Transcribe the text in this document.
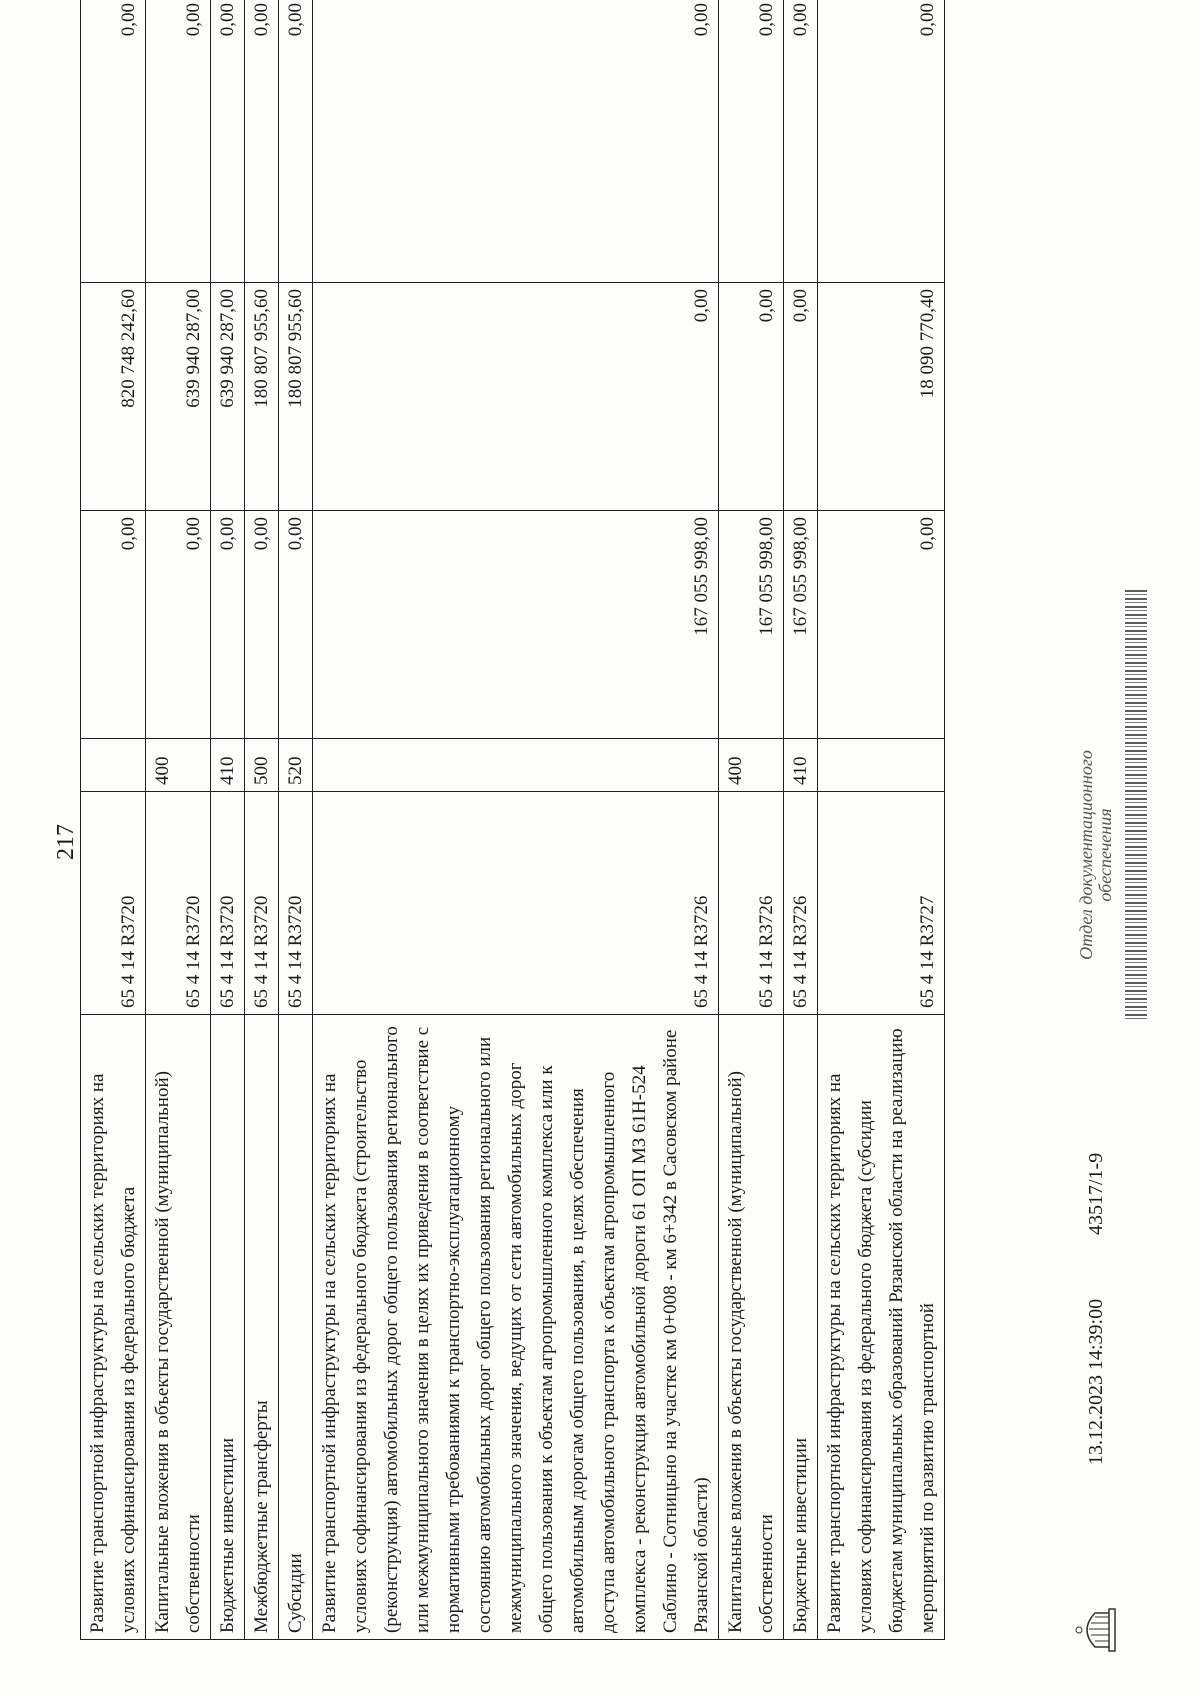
217
Развитие транспортной инфраструктуры на сельских территориях на условиях софинансирования из федерального бюджета	65 4 14 R3720		0,00	820 748 242,60	0,00
Капитальные вложения в объекты государственной (муниципальной) собственности	65 4 14 R3720	400	0,00	639 940 287,00	0,00
Бюджетные инвестиции	65 4 14 R3720	410	0,00	639 940 287,00	0,00
Межбюджетные трансферты	65 4 14 R3720	500	0,00	180 807 955,60	0,00
Субсидии	65 4 14 R3720	520	0,00	180 807 955,60	0,00
Развитие транспортной инфраструктуры на сельских территориях на условиях софинансирования из федерального бюджета (строительство (реконструкция) автомобильных дорог общего пользования регионального или межмуниципального значения в целях их приведения в соответствие с нормативными требованиями к транспортно-эксплуатационному состоянию автомобильных дорог общего пользования регионального или межмуниципального значения, ведущих от сети автомобильных дорог общего пользования к объектам агропромышленного комплекса или к автомобильным дорогам общего пользования, в целях обеспечения доступа автомобильного транспорта к объектам агропромышленного комплекса - реконструкция автомобильной дороги 61 ОП МЗ 61Н-524 Саблино - Сотницыно на участке км 0+008 - км 6+342 в Сасовском районе Рязанской области)	65 4 14 R3726		167 055 998,00	0,00	0,00
Капитальные вложения в объекты государственной (муниципальной) собственности	65 4 14 R3726	400	167 055 998,00	0,00	0,00
Бюджетные инвестиции	65 4 14 R3726	410	167 055 998,00	0,00	0,00
Развитие транспортной инфраструктуры на сельских территориях на условиях софинансирования из федерального бюджета (субсидии бюджетам муниципальных образований Рязанской области на реализацию мероприятий по развитию транспортной	65 4 14 R3727		0,00	18 090 770,40	0,00
13.12.2023 14:39:00
43517/1-9
Отдел документационного обеспечения
